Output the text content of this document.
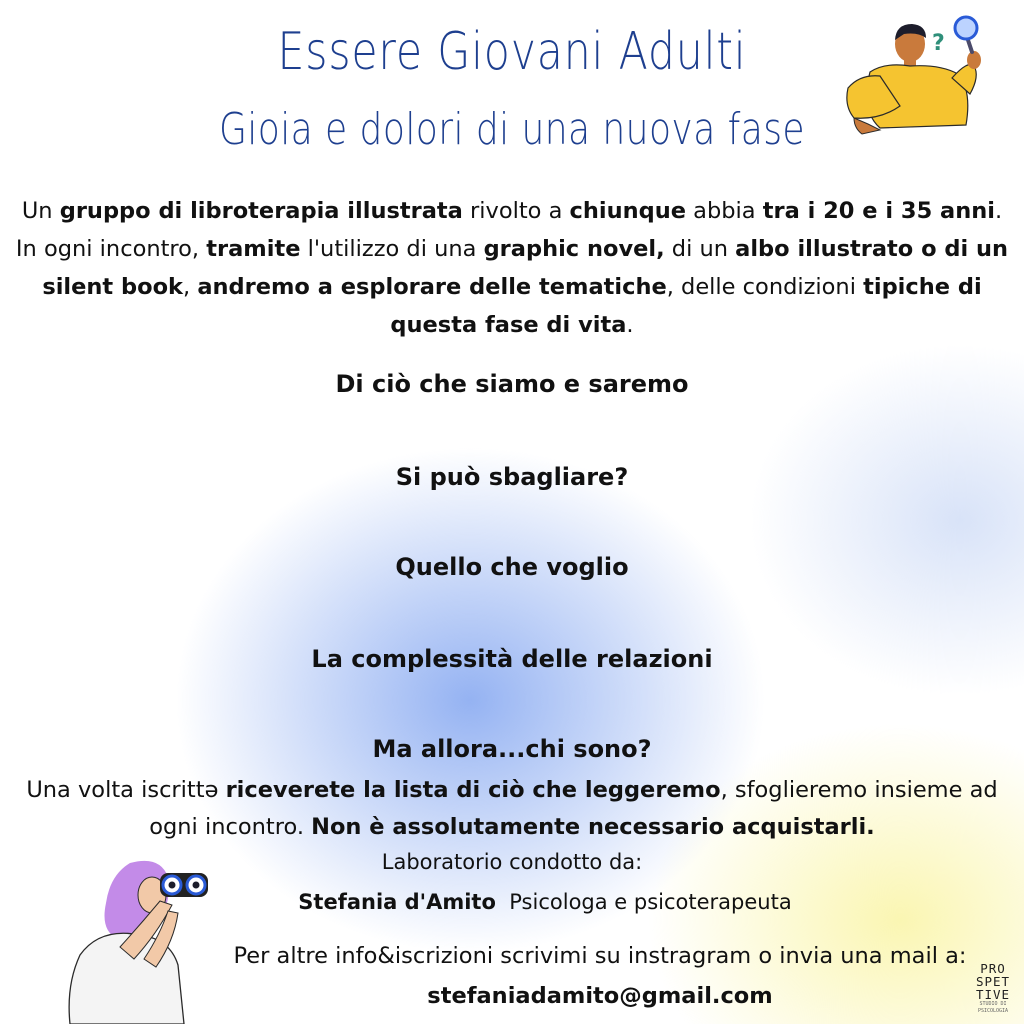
Essere Giovani Adulti
Gioia e dolori di una nuova fase
?
Un gruppo di libroterapia illustrata rivolto a chiunque abbia tra i 20 e i 35 anni. In ogni incontro, tramite l'utilizzo di una graphic novel, di un albo illustrato o di un silent book, andremo a esplorare delle tematiche, delle condizioni tipiche di questa fase di vita.
Di ciò che siamo e saremo
Si può sbagliare?
Quello che voglio
La complessità delle relazioni
Ma allora...chi sono?
Una volta iscrittə riceverete la lista di ciò che leggeremo, sfoglieremo insieme ad ogni incontro. Non è assolutamente necessario acquistarli.
Laboratorio condotto da:
Stefania d'Amito Psicologa e psicoterapeuta
Per altre info&iscrizioni scrivimi su instragram o invia una mail a: stefaniadamito@gmail.com
PRO
SPET
TIVE
STUDIO DI PSICOLOGIA
